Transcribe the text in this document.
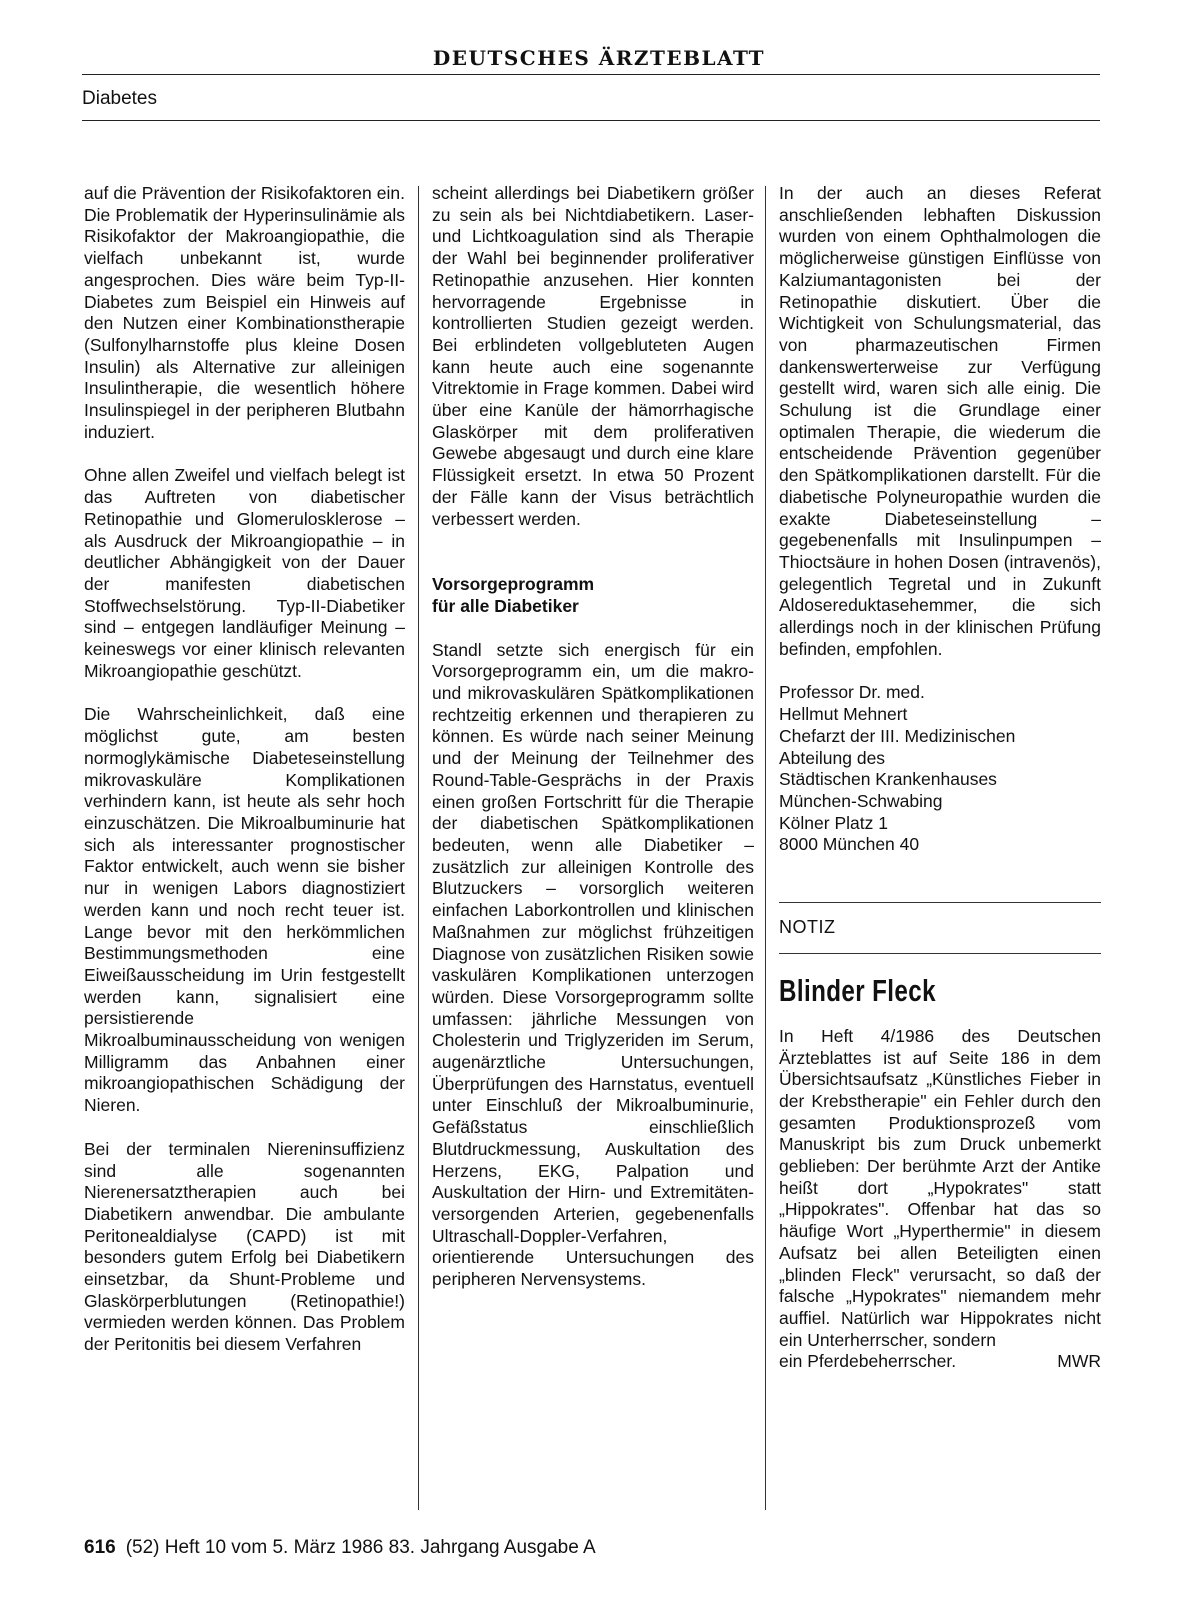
DEUTSCHES ÄRZTEBLATT
Diabetes

auf die Prävention der Risikofaktoren ein. Die Problematik der Hyperinsulinämie als Risikofaktor der Makroangiopathie, die vielfach unbekannt ist, wurde angesprochen. Dies wäre beim Typ-II-Diabetes zum Beispiel ein Hinweis auf den Nutzen einer Kombinationstherapie (Sulfonylharnstoffe plus kleine Dosen Insulin) als Alternative zur alleinigen Insulintherapie, die wesentlich höhere Insulinspiegel in der peripheren Blutbahn induziert.

Ohne allen Zweifel und vielfach belegt ist das Auftreten von diabetischer Retinopathie und Glomerulosklerose – als Ausdruck der Mikroangiopathie – in deutlicher Abhängigkeit von der Dauer der manifesten diabetischen Stoffwechselstörung. Typ-II-Diabetiker sind – entgegen landläufiger Meinung – keineswegs vor einer klinisch relevanten Mikroangiopathie geschützt.

Die Wahrscheinlichkeit, daß eine möglichst gute, am besten normoglykämische Diabeteseinstellung mikrovaskuläre Komplikationen verhindern kann, ist heute als sehr hoch einzuschätzen. Die Mikroalbuminurie hat sich als interessanter prognostischer Faktor entwickelt, auch wenn sie bisher nur in wenigen Labors diagnostiziert werden kann und noch recht teuer ist. Lange bevor mit den herkömmlichen Bestimmungsmethoden eine Eiweißausscheidung im Urin festgestellt werden kann, signalisiert eine persistierende Mikroalbuminausscheidung von wenigen Milligramm das Anbahnen einer mikroangiopathischen Schädigung der Nieren.

Bei der terminalen Niereninsuffizienz sind alle sogenannten Nierenersatztherapien auch bei Diabetikern anwendbar. Die ambulante Peritonealdialyse (CAPD) ist mit besonders gutem Erfolg bei Diabetikern einsetzbar, da Shunt-Probleme und Glaskörperblutungen (Retinopathie!) vermieden werden können. Das Problem der Peritonitis bei diesem Verfahren

scheint allerdings bei Diabetikern größer zu sein als bei Nichtdiabetikern. Laser- und Lichtkoagulation sind als Therapie der Wahl bei beginnender proliferativer Retinopathie anzusehen. Hier konnten hervorragende Ergebnisse in kontrollierten Studien gezeigt werden. Bei erblindeten vollgebluteten Augen kann heute auch eine sogenannte Vitrektomie in Frage kommen. Dabei wird über eine Kanüle der hämorrhagische Glaskörper mit dem proliferativen Gewebe abgesaugt und durch eine klare Flüssigkeit ersetzt. In etwa 50 Prozent der Fälle kann der Visus beträchtlich verbessert werden.

Vorsorgeprogramm
für alle Diabetiker

Standl setzte sich energisch für ein Vorsorgeprogramm ein, um die makro- und mikrovaskulären Spätkomplikationen rechtzeitig erkennen und therapieren zu können. Es würde nach seiner Meinung und der Meinung der Teilnehmer des Round-Table-Gesprächs in der Praxis einen großen Fortschritt für die Therapie der diabetischen Spätkomplikationen bedeuten, wenn alle Diabetiker – zusätzlich zur alleinigen Kontrolle des Blutzuckers – vorsorglich weiteren einfachen Laborkontrollen und klinischen Maßnahmen zur möglichst frühzeitigen Diagnose von zusätzlichen Risiken sowie vaskulären Komplikationen unterzogen würden. Diese Vorsorgeprogramm sollte umfassen: jährliche Messungen von Cholesterin und Triglyzeriden im Serum, augenärztliche Untersuchungen, Überprüfungen des Harnstatus, eventuell unter Einschluß der Mikroalbuminurie, Gefäßstatus einschließlich Blutdruckmessung, Auskultation des Herzens, EKG, Palpation und Auskultation der Hirn- und Extremitäten-versorgenden Arterien, gegebenenfalls Ultraschall-Doppler-Verfahren, orientierende Untersuchungen des peripheren Nervensystems.

In der auch an dieses Referat anschließenden lebhaften Diskussion wurden von einem Ophthalmologen die möglicherweise günstigen Einflüsse von Kalziumantagonisten bei der Retinopathie diskutiert. Über die Wichtigkeit von Schulungsmaterial, das von pharmazeutischen Firmen dankenswerterweise zur Verfügung gestellt wird, waren sich alle einig. Die Schulung ist die Grundlage einer optimalen Therapie, die wiederum die entscheidende Prävention gegenüber den Spätkomplikationen darstellt. Für die diabetische Polyneuropathie wurden die exakte Diabeteseinstellung – gegebenenfalls mit Insulinpumpen – Thioctsäure in hohen Dosen (intravenös), gelegentlich Tegretal und in Zukunft Aldosereduktasehemmer, die sich allerdings noch in der klinischen Prüfung befinden, empfohlen.

Professor Dr. med.
Hellmut Mehnert
Chefarzt der III. Medizinischen
Abteilung des
Städtischen Krankenhauses
München-Schwabing
Kölner Platz 1
8000 München 40
NOTIZ
Blinder Fleck

In Heft 4/1986 des Deutschen Ärzteblattes ist auf Seite 186 in dem Übersichtsaufsatz „Künstliches Fieber in der Krebstherapie" ein Fehler durch den gesamten Produktionsprozeß vom Manuskript bis zum Druck unbemerkt geblieben: Der berühmte Arzt der Antike heißt dort „Hypokrates" statt „Hippokrates". Offenbar hat das so häufige Wort „Hyperthermie" in diesem Aufsatz bei allen Beteiligten einen „blinden Fleck" verursacht, so daß der falsche „Hypokrates" niemandem mehr auffiel. Natürlich war Hippokrates nicht ein Unterherrscher, sondern

ein Pferdebeherrscher.	MWR
616 (52) Heft 10 vom 5. März 1986 83. Jahrgang Ausgabe A
